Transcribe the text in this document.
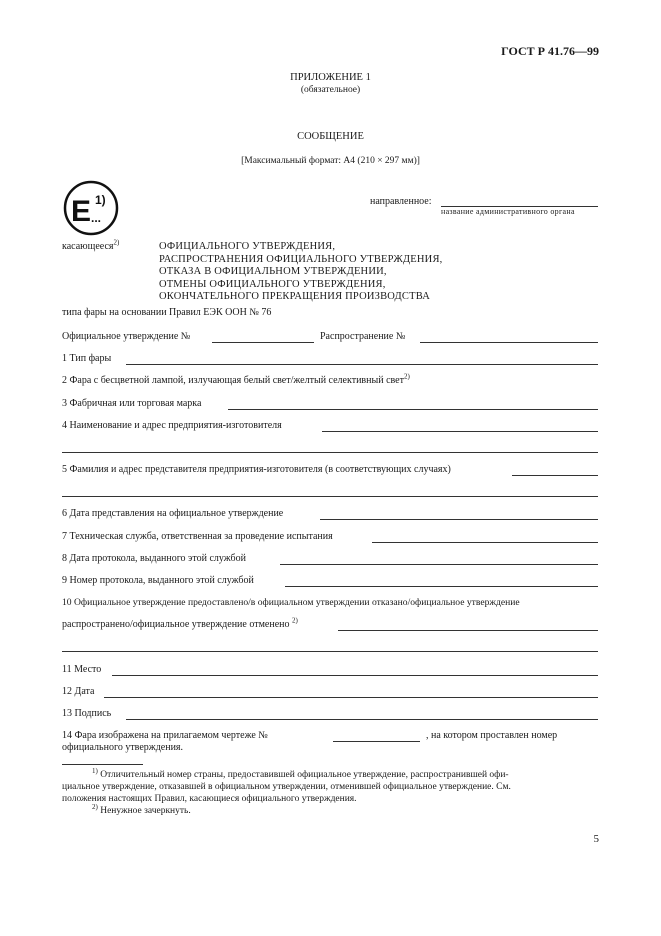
ГОСТ Р 41.76—99
ПРИЛОЖЕНИЕ 1
(обязательное)
СООБЩЕНИЕ
[Максимальный формат: А4 (210 × 297 мм)]
E ...
1)	направленное:
название административного органа
касающееся$^{2)}$	ОФИЦИАЛЬНОГО УТВЕРЖДЕНИЯ,
РАСПРОСТРАНЕНИЯ ОФИЦИАЛЬНОГО УТВЕРЖДЕНИЯ,
ОТКАЗА В ОФИЦИАЛЬНОМ УТВЕРЖДЕНИИ,
ОТМЕНЫ ОФИЦИАЛЬНОГО УТВЕРЖДЕНИЯ,
ОКОНЧАТЕЛЬНОГО ПРЕКРАЩЕНИЯ ПРОИЗВОДСТВА
типа фары на основании Правил ЕЭК ООН № 76
Официальное утверждение №	Распространение №
1 Тип фары
2 Фара с бесцветной лампой, излучающая белый свет/желтый селективный свет$^{2)}$
3 Фабричная или торговая марка
4 Наименование и адрес предприятия-изготовителя
5 Фамилия и адрес представителя предприятия-изготовителя (в соответствующих случаях)
6 Дата представления на официальное утверждение
7 Техническая служба, ответственная за проведение испытания
8 Дата протокола, выданного этой службой
9 Номер протокола, выданного этой службой
10 Официальное утверждение предоставлено/в официальном утверждении отказано/официальное утверждение
распространено/официальное утверждение отменено $^{2)}$
11 Место
12 Дата
13 Подпись
14 Фара изображена на прилагаемом чертеже №	, на котором проставлен номер
официального утверждения.
$^{1)}$ Отличительный номер страны, предоставившей официальное утверждение, распространившей офи-
циальное утверждение, отказавшей в официальном утверждении, отменившей официальное утверждение. См.
положения настоящих Правил, касающиеся официального утверждения.
$^{2)}$ Ненужное зачеркнуть.
5
